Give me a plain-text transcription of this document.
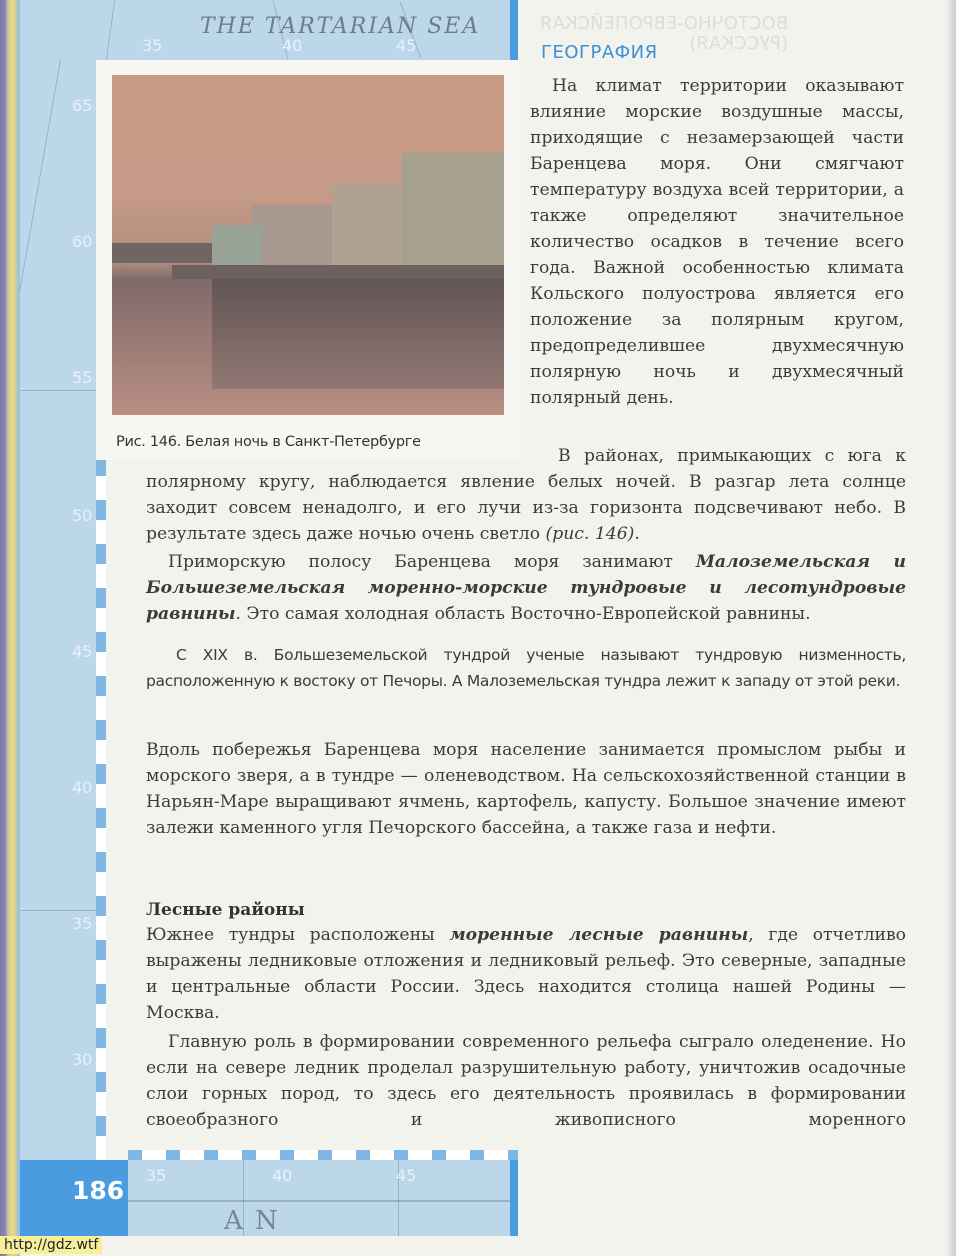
THE TARTARIAN SEA
35	40	45
65
60
55
50
45
40
35
30
35	40	45
A N
186
ВОСТОЧНО-ЕВРОПЕЙСКАЯ
(РУССКАЯ)
ГЕОГРАФИЯ
Рис. 146. Белая ночь в Санкт-Петербурге
На климат территории оказывают влияние морские воздушные массы, приходящие с незамерзающей части Баренцева моря. Они смягчают температуру воздуха всей территории, а также определяют значительное количество осадков в течение всего года. Важной особенностью климата Кольского полуострова является его положение за полярным кругом, предопределившее двухмесячную полярную ночь и двухмесячный полярный день.
В районах, примыкающих с юга к полярному кругу, наблюдается явление белых ночей. В разгар лета солнце заходит совсем ненадолго, и его лучи из-за горизонта подсвечивают небо. В результате здесь даже ночью очень светло (рис. 146).
Приморскую полосу Баренцева моря занимают Малоземельская и Большеземельская моренно-морские тундровые и лесотундровые равнины. Это самая холодная область Восточно-Европейской равнины.
С XIX в. Большеземельской тундрой ученые называют тундровую низменность, расположенную к востоку от Печоры. А Малоземельская тундра лежит к западу от этой реки.
Вдоль побережья Баренцева моря население занимается промыслом рыбы и морского зверя, а в тундре — оленеводством. На сельскохозяйственной станции в Нарьян-Маре выращивают ячмень, картофель, капусту. Большое значение имеют залежи каменного угля Печорского бассейна, а также газа и нефти.
Лесные районы
Южнее тундры расположены моренные лесные равнины, где отчетливо выражены ледниковые отложения и ледниковый рельеф. Это северные, западные и центральные области России. Здесь находится столица нашей Родины — Москва.
Главную роль в формировании современного рельефа сыграло оледенение. Но если на севере ледник проделал разрушительную работу, уничтожив осадочные слои горных пород, то здесь его деятельность проявилась в формировании своеобразного и живописного моренного
http://gdz.wtf
